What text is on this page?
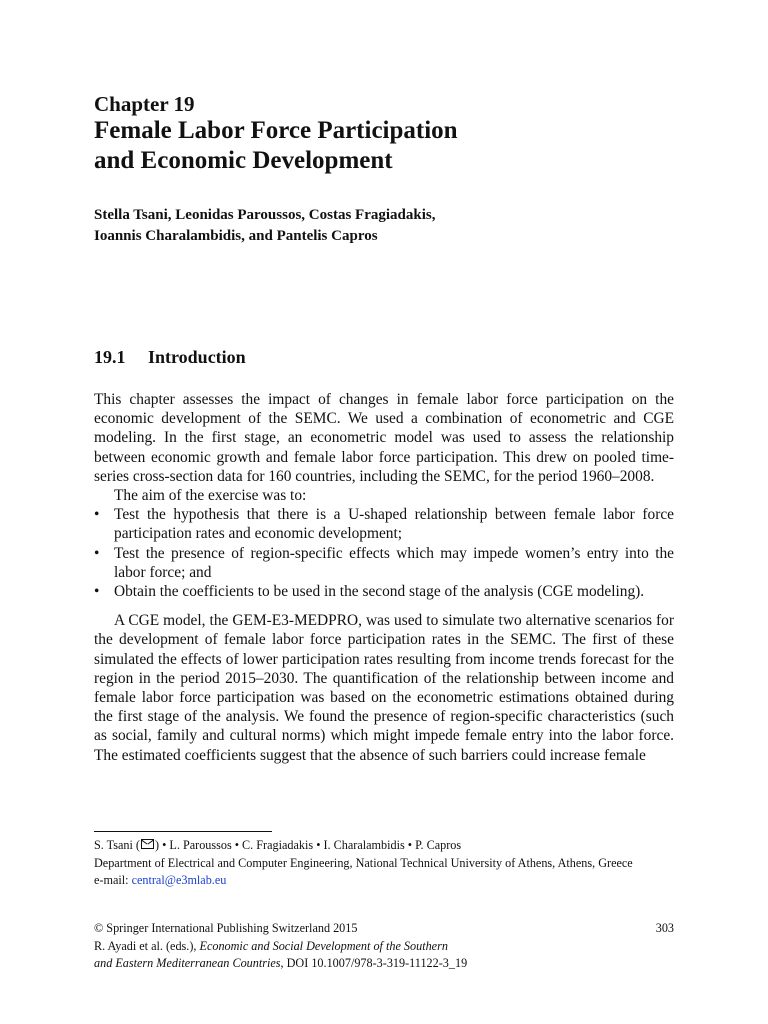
Chapter 19
Female Labor Force Participation
and Economic Development
Stella Tsani, Leonidas Paroussos, Costas Fragiadakis,
Ioannis Charalambidis, and Pantelis Capros
19.1 Introduction

This chapter assesses the impact of changes in female labor force participation on the economic development of the SEMC. We used a combination of econometric and CGE modeling. In the first stage, an econometric model was used to assess the relationship between economic growth and female labor force participation. This drew on pooled time-series cross-section data for 160 countries, including the SEMC, for the period 1960–2008.

The aim of the exercise was to:

• Test the hypothesis that there is a U-shaped relationship between female labor force participation rates and economic development;
• Test the presence of region-specific effects which may impede women’s entry into the labor force; and
• Obtain the coefficients to be used in the second stage of the analysis (CGE modeling).

A CGE model, the GEM-E3-MEDPRO, was used to simulate two alternative scenarios for the development of female labor force participation rates in the SEMC. The first of these simulated the effects of lower participation rates resulting from income trends forecast for the region in the period 2015–2030. The quantification of the relationship between income and female labor force participation was based on the econometric estimations obtained during the first stage of the analysis. We found the presence of region-specific characteristics (such as social, family and cultural norms) which might impede female entry into the labor force. The estimated coefficients suggest that the absence of such barriers could increase female

S. Tsani ( ) • L. Paroussos • C. Fragiadakis • I. Charalambidis • P. Capros
Department of Electrical and Computer Engineering, National Technical University of Athens, Athens, Greece
e-mail: central@e3mlab.eu
© Springer International Publishing Switzerland 2015	303
R. Ayadi et al. (eds.), Economic and Social Development of the Southern
and Eastern Mediterranean Countries, DOI 10.1007/978-3-319-11122-3_19
